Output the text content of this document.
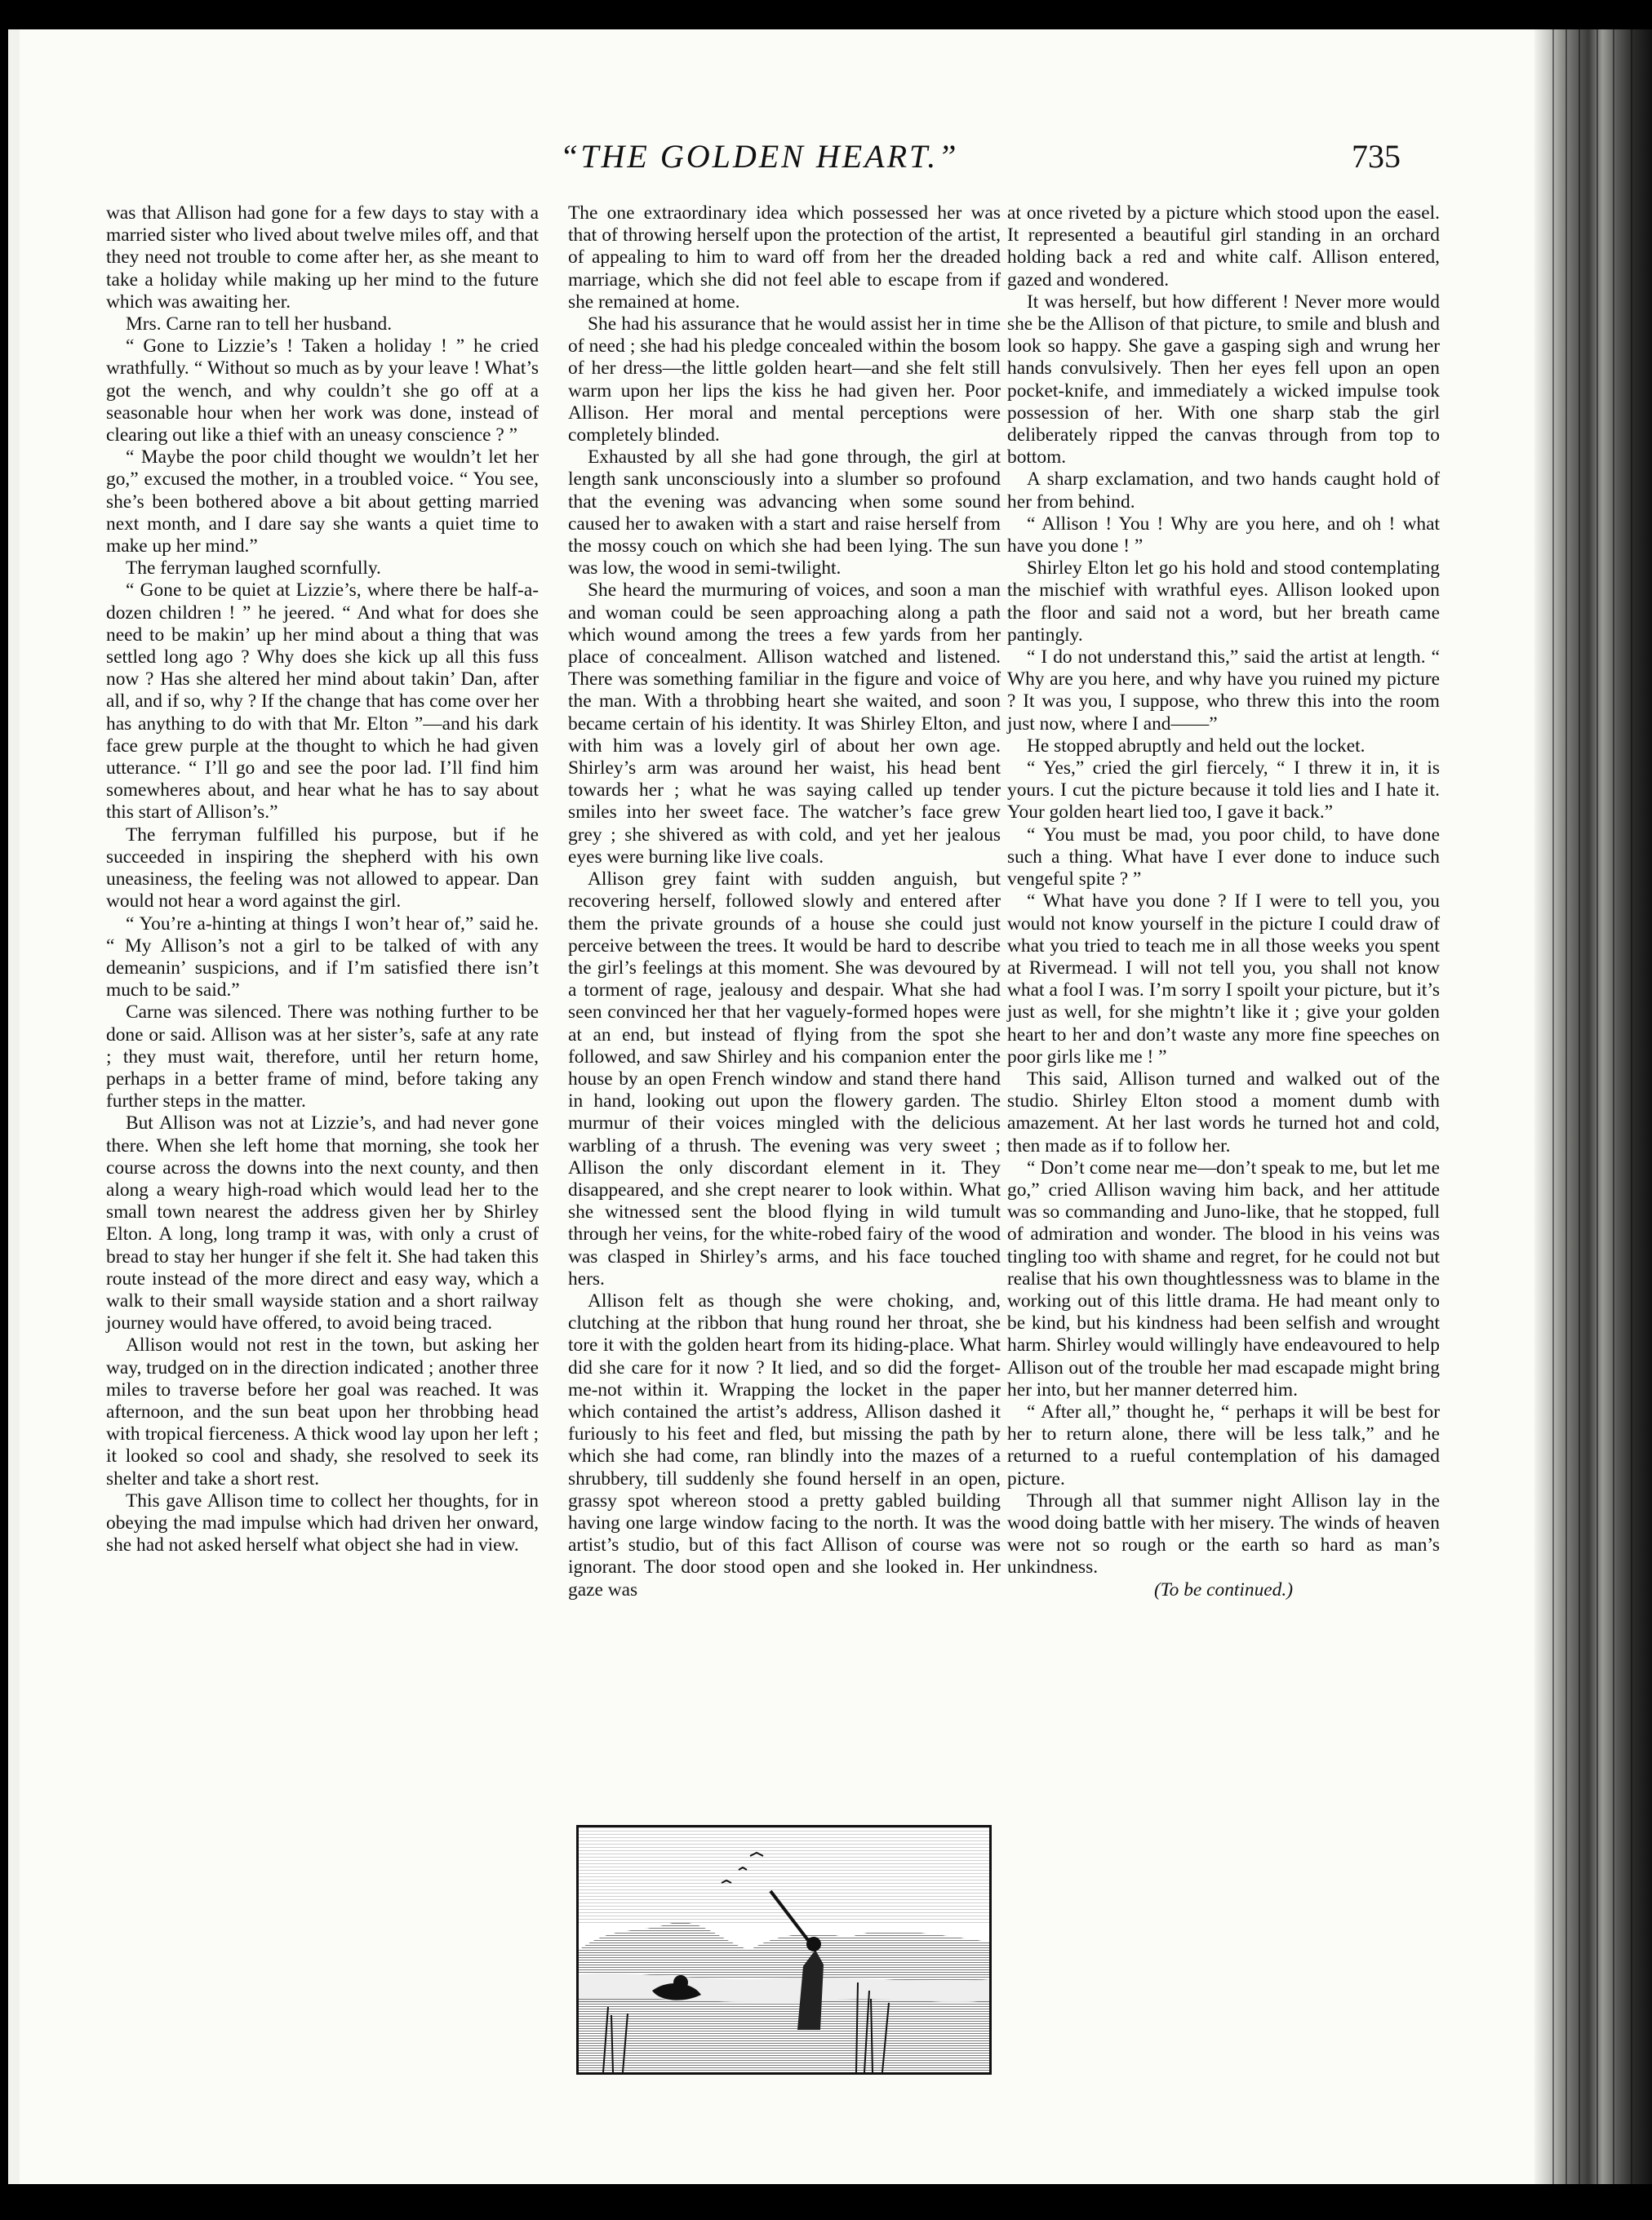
“THE GOLDEN HEART.”	735

was that Allison had gone for a few days to stay with a married sister who lived about twelve miles off, and that they need not trouble to come after her, as she meant to take a holiday while making up her mind to the future which was awaiting her.

Mrs. Carne ran to tell her husband.

“ Gone to Lizzie’s ! Taken a holiday ! ” he cried wrathfully. “ Without so much as by your leave ! What’s got the wench, and why couldn’t she go off at a seasonable hour when her work was done, instead of clearing out like a thief with an uneasy conscience ? ”

“ Maybe the poor child thought we wouldn’t let her go,” excused the mother, in a troubled voice. “ You see, she’s been bothered above a bit about getting married next month, and I dare say she wants a quiet time to make up her mind.”

The ferryman laughed scornfully.

“ Gone to be quiet at Lizzie’s, where there be half-a-dozen children ! ” he jeered. “ And what for does she need to be makin’ up her mind about a thing that was settled long ago ? Why does she kick up all this fuss now ? Has she altered her mind about takin’ Dan, after all, and if so, why ? If the change that has come over her has anything to do with that Mr. Elton ”—and his dark face grew purple at the thought to which he had given utterance. “ I’ll go and see the poor lad. I’ll find him somewheres about, and hear what he has to say about this start of Allison’s.”

The ferryman fulfilled his purpose, but if he succeeded in inspiring the shepherd with his own uneasiness, the feeling was not allowed to appear. Dan would not hear a word against the girl.

“ You’re a-hinting at things I won’t hear of,” said he. “ My Allison’s not a girl to be talked of with any demeanin’ suspicions, and if I’m satisfied there isn’t much to be said.”

Carne was silenced. There was nothing further to be done or said. Allison was at her sister’s, safe at any rate ; they must wait, therefore, until her return home, perhaps in a better frame of mind, before taking any further steps in the matter.

But Allison was not at Lizzie’s, and had never gone there. When she left home that morning, she took her course across the downs into the next county, and then along a weary high-road which would lead her to the small town nearest the address given her by Shirley Elton. A long, long tramp it was, with only a crust of bread to stay her hunger if she felt it. She had taken this route instead of the more direct and easy way, which a walk to their small wayside station and a short railway journey would have offered, to avoid being traced.

Allison would not rest in the town, but asking her way, trudged on in the direction indicated ; another three miles to traverse before her goal was reached. It was afternoon, and the sun beat upon her throbbing head with tropical fierceness. A thick wood lay upon her left ; it looked so cool and shady, she resolved to seek its shelter and take a short rest.

This gave Allison time to collect her thoughts, for in obeying the mad impulse which had driven her onward, she had not asked herself what object she had in view.

The one extraordinary idea which possessed her was that of throwing herself upon the protection of the artist, of appealing to him to ward off from her the dreaded marriage, which she did not feel able to escape from if she remained at home.

She had his assurance that he would assist her in time of need ; she had his pledge concealed within the bosom of her dress—the little golden heart—and she felt still warm upon her lips the kiss he had given her. Poor Allison. Her moral and mental perceptions were completely blinded.

Exhausted by all she had gone through, the girl at length sank unconsciously into a slumber so profound that the evening was advancing when some sound caused her to awaken with a start and raise herself from the mossy couch on which she had been lying. The sun was low, the wood in semi-twilight.

She heard the murmuring of voices, and soon a man and woman could be seen approaching along a path which wound among the trees a few yards from her place of concealment. Allison watched and listened. There was something familiar in the figure and voice of the man. With a throbbing heart she waited, and soon became certain of his identity. It was Shirley Elton, and with him was a lovely girl of about her own age. Shirley’s arm was around her waist, his head bent towards her ; what he was saying called up tender smiles into her sweet face. The watcher’s face grew grey ; she shivered as with cold, and yet her jealous eyes were burning like live coals.

Allison grey faint with sudden anguish, but recovering herself, followed slowly and entered after them the private grounds of a house she could just perceive between the trees. It would be hard to describe the girl’s feelings at this moment. She was devoured by a torment of rage, jealousy and despair. What she had seen convinced her that her vaguely-formed hopes were at an end, but instead of flying from the spot she followed, and saw Shirley and his companion enter the house by an open French window and stand there hand in hand, looking out upon the flowery garden. The murmur of their voices mingled with the delicious warbling of a thrush. The evening was very sweet ; Allison the only discordant element in it. They disappeared, and she crept nearer to look within. What she witnessed sent the blood flying in wild tumult through her veins, for the white-robed fairy of the wood was clasped in Shirley’s arms, and his face touched hers.

Allison felt as though she were choking, and, clutching at the ribbon that hung round her throat, she tore it with the golden heart from its hiding-place. What did she care for it now ? It lied, and so did the forget-me-not within it. Wrapping the locket in the paper which contained the artist’s address, Allison dashed it furiously to his feet and fled, but missing the path by which she had come, ran blindly into the mazes of a shrubbery, till suddenly she found herself in an open, grassy spot whereon stood a pretty gabled building having one large window facing to the north. It was the artist’s studio, but of this fact Allison of course was ignorant. The door stood open and she looked in. Her gaze was

at once riveted by a picture which stood upon the easel. It represented a beautiful girl standing in an orchard holding back a red and white calf. Allison entered, gazed and wondered.

It was herself, but how different ! Never more would she be the Allison of that picture, to smile and blush and look so happy. She gave a gasping sigh and wrung her hands convulsively. Then her eyes fell upon an open pocket-knife, and immediately a wicked impulse took possession of her. With one sharp stab the girl deliberately ripped the canvas through from top to bottom.

A sharp exclamation, and two hands caught hold of her from behind.

“ Allison ! You ! Why are you here, and oh ! what have you done ! ”

Shirley Elton let go his hold and stood contemplating the mischief with wrathful eyes. Allison looked upon the floor and said not a word, but her breath came pantingly.

“ I do not understand this,” said the artist at length. “ Why are you here, and why have you ruined my picture ? It was you, I suppose, who threw this into the room just now, where I and——”

He stopped abruptly and held out the locket.

“ Yes,” cried the girl fiercely, “ I threw it in, it is yours. I cut the picture because it told lies and I hate it. Your golden heart lied too, I gave it back.”

“ You must be mad, you poor child, to have done such a thing. What have I ever done to induce such vengeful spite ? ”

“ What have you done ? If I were to tell you, you would not know yourself in the picture I could draw of what you tried to teach me in all those weeks you spent at Rivermead. I will not tell you, you shall not know what a fool I was. I’m sorry I spoilt your picture, but it’s just as well, for she mightn’t like it ; give your golden heart to her and don’t waste any more fine speeches on poor girls like me ! ”

This said, Allison turned and walked out of the studio. Shirley Elton stood a moment dumb with amazement. At her last words he turned hot and cold, then made as if to follow her.

“ Don’t come near me—don’t speak to me, but let me go,” cried Allison waving him back, and her attitude was so commanding and Juno-like, that he stopped, full of admiration and wonder. The blood in his veins was tingling too with shame and regret, for he could not but realise that his own thoughtlessness was to blame in the working out of this little drama. He had meant only to be kind, but his kindness had been selfish and wrought harm. Shirley would willingly have endeavoured to help Allison out of the trouble her mad escapade might bring her into, but her manner deterred him.

“ After all,” thought he, “ perhaps it will be best for her to return alone, there will be less talk,” and he returned to a rueful contemplation of his damaged picture.

Through all that summer night Allison lay in the wood doing battle with her misery. The winds of heaven were not so rough or the earth so hard as man’s unkindness.

(To be continued.)
